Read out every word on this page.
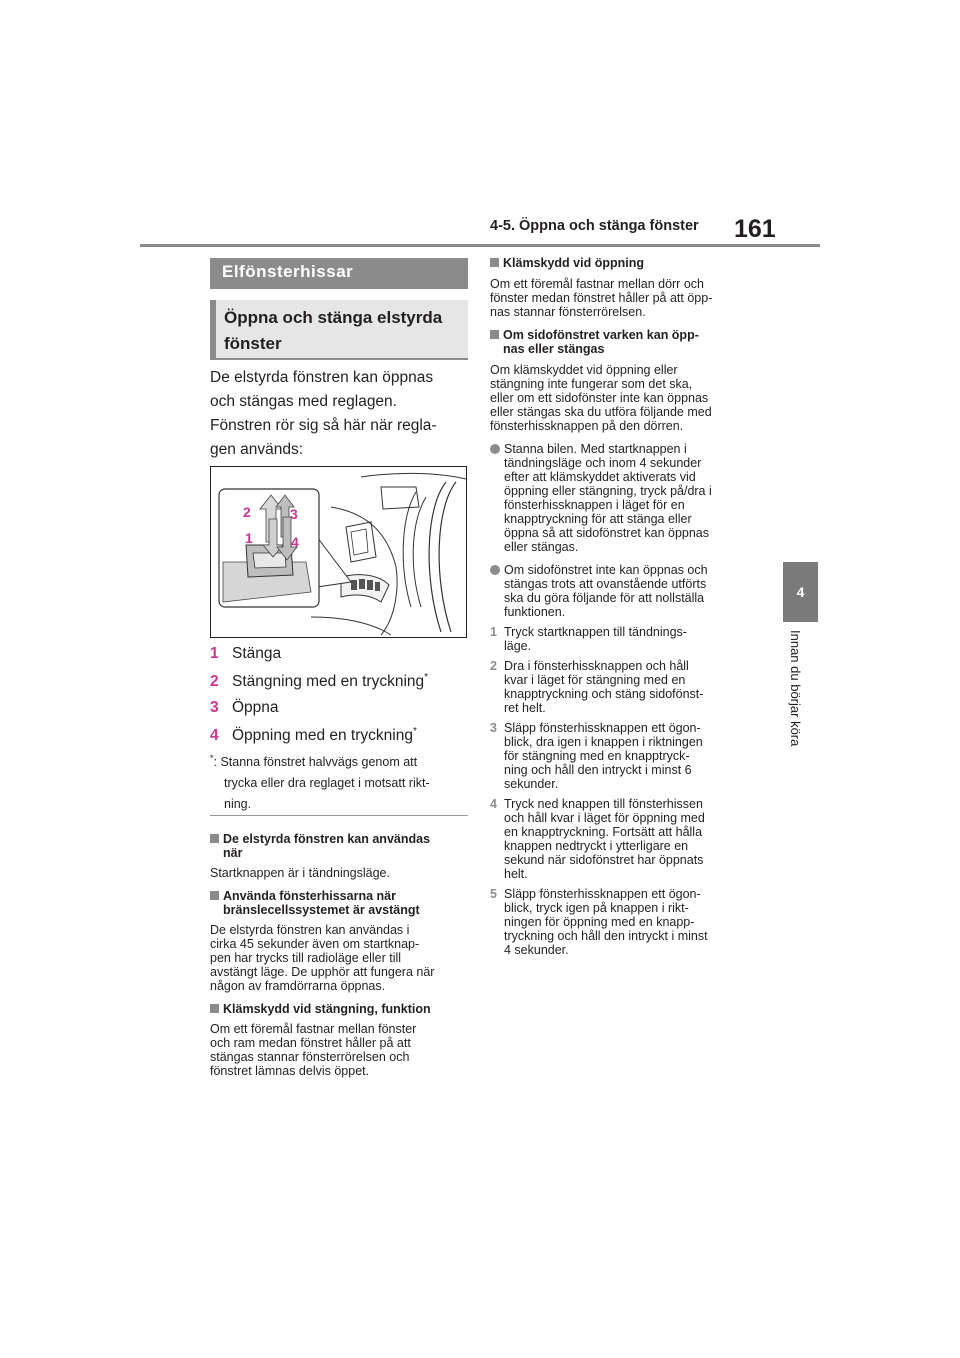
4-5. Öppna och stänga fönster 161
4
Innan du börjar köra
Elfönsterhissar
Öppna och stänga elstyrda fönster
De elstyrda fönstren kan öppnas
och stängas med reglagen.
Fönstren rör sig så här när regla-
gen används:
2	3
1	4
1 Stänga
2 Stängning med en tryckning*
3 Öppna
4 Öppning med en tryckning*
*: Stanna fönstret halvvägs genom att
trycka eller dra reglaget i motsatt rikt-
ning.
De elstyrda fönstren kan användas
när
Startknappen är i tändningsläge.
Använda fönsterhissarna när
bränslecellssystemet är avstängt
De elstyrda fönstren kan användas i
cirka 45 sekunder även om startknap-
pen har trycks till radioläge eller till
avstängt läge. De upphör att fungera när
någon av framdörrarna öppnas.
Klämskydd vid stängning, funktion
Om ett föremål fastnar mellan fönster
och ram medan fönstret håller på att
stängas stannar fönsterrörelsen och
fönstret lämnas delvis öppet.
Klämskydd vid öppning
Om ett föremål fastnar mellan dörr och
fönster medan fönstret håller på att öpp-
nas stannar fönsterrörelsen.
Om sidofönstret varken kan öpp-
nas eller stängas
Om klämskyddet vid öppning eller
stängning inte fungerar som det ska,
eller om ett sidofönster inte kan öppnas
eller stängas ska du utföra följande med
fönsterhissknappen på den dörren.
Stanna bilen. Med startknappen i
tändningsläge och inom 4 sekunder
efter att klämskyddet aktiverats vid
öppning eller stängning, tryck på/dra i
fönsterhissknappen i läget för en
knapptryckning för att stänga eller
öppna så att sidofönstret kan öppnas
eller stängas.
Om sidofönstret inte kan öppnas och
stängas trots att ovanstående utförts
ska du göra följande för att nollställa
funktionen.
1 Tryck startknappen till tändnings-
läge.
2 Dra i fönsterhissknappen och håll
kvar i läget för stängning med en
knapptryckning och stäng sidofönst-
ret helt.
3 Släpp fönsterhissknappen ett ögon-
blick, dra igen i knappen i riktningen
för stängning med en knapptryck-
ning och håll den intryckt i minst 6
sekunder.
4 Tryck ned knappen till fönsterhissen
och håll kvar i läget för öppning med
en knapptryckning. Fortsätt att hålla
knappen nedtryckt i ytterligare en
sekund när sidofönstret har öppnats
helt.
5 Släpp fönsterhissknappen ett ögon-
blick, tryck igen på knappen i rikt-
ningen för öppning med en knapp-
tryckning och håll den intryckt i minst
4 sekunder.
